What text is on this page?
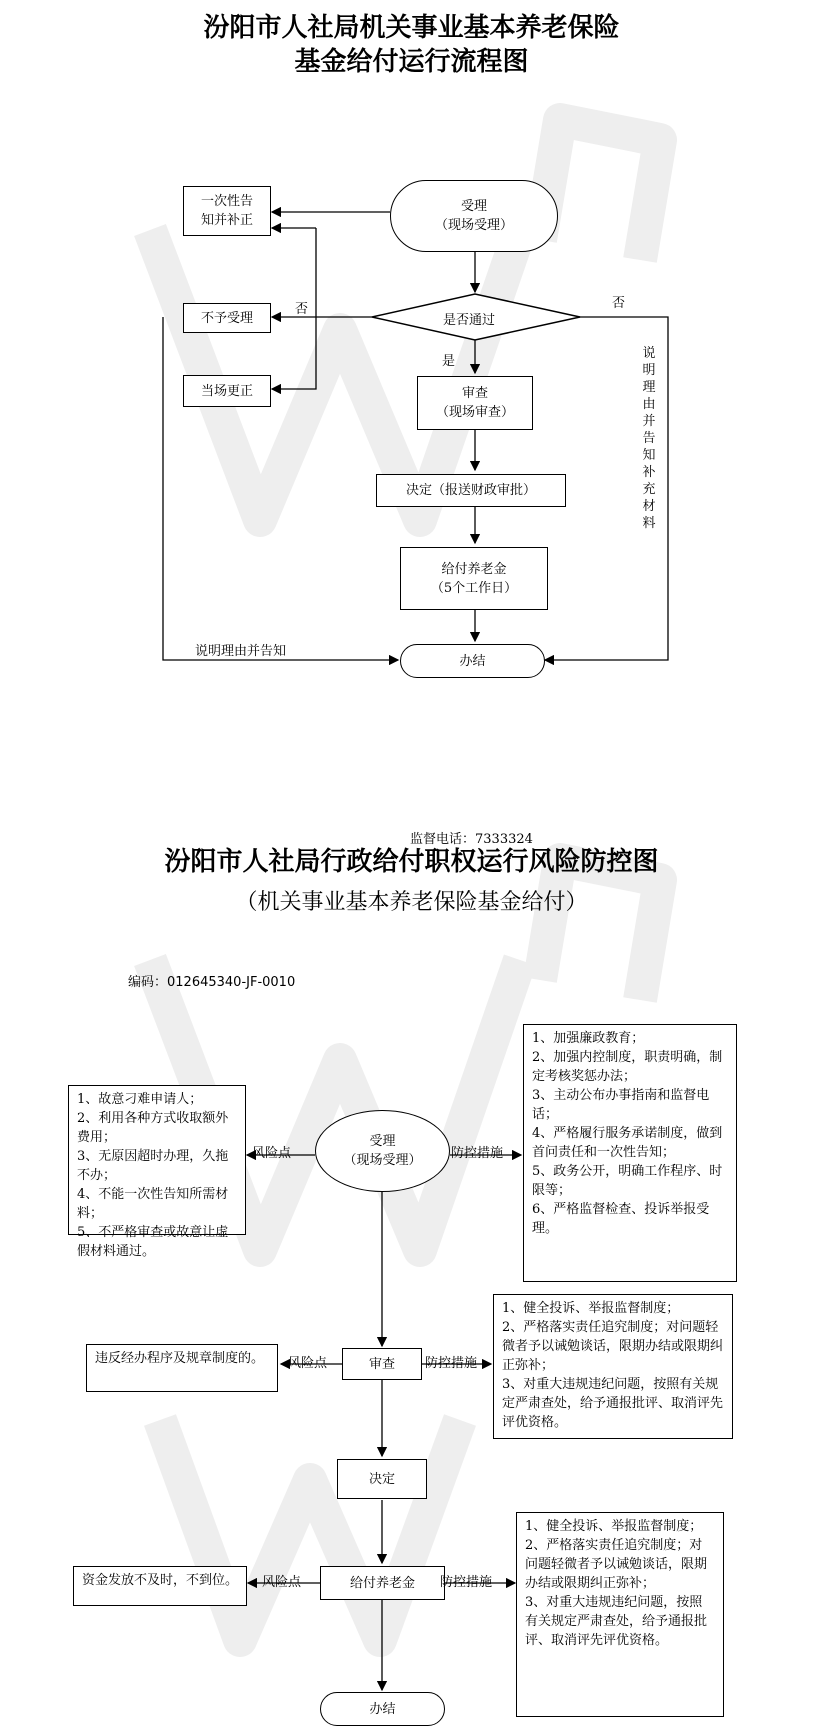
汾阳市人社局机关事业基本养老保险
基金给付运行流程图
一次性告
知并补正
受理
（现场受理）
否	否
不予受理	是否通过
是
当场更正	审查
（现场审查）
说明理由并告知补充材料
决定（报送财政审批）
给付养老金
（5个工作日）
说明理由并告知
办结
监督电话：7333324
汾阳市人社局行政给付职权运行风险防控图
（机关事业基本养老保险基金给付）
编码：012645340-JF-0010
1、故意刁难申请人；
2、利用各种方式收取额外费用；
3、无原因超时办理，久拖不办；
4、不能一次性告知所需材料；
5、不严格审查或故意让虚假材料通过。
风险点
受理
（现场受理） 防控措施
1、加强廉政教育；
2、加强内控制度，职责明确，制定考核奖惩办法；
3、主动公布办事指南和监督电话；
4、严格履行服务承诺制度，做到首问责任和一次性告知；
5、政务公开，明确工作程序、时限等；
6、严格监督检查、投诉举报受理。
违反经办程序及规章制度的。	风险点	审查	防控措施
1、健全投诉、举报监督制度；
2、严格落实责任追究制度；对问题轻微者予以诫勉谈话，限期办结或限期纠正弥补；
3、对重大违规违纪问题，按照有关规定严肃查处，给予通报批评、取消评先评优资格。
决定
资金发放不及时，不到位。	风险点	给付养老金	防控措施
1、健全投诉、举报监督制度；
2、严格落实责任追究制度；对问题轻微者予以诫勉谈话，限期办结或限期纠正弥补；
3、对重大违规违纪问题，按照有关规定严肃查处，给予通报批评、取消评先评优资格。
办结
